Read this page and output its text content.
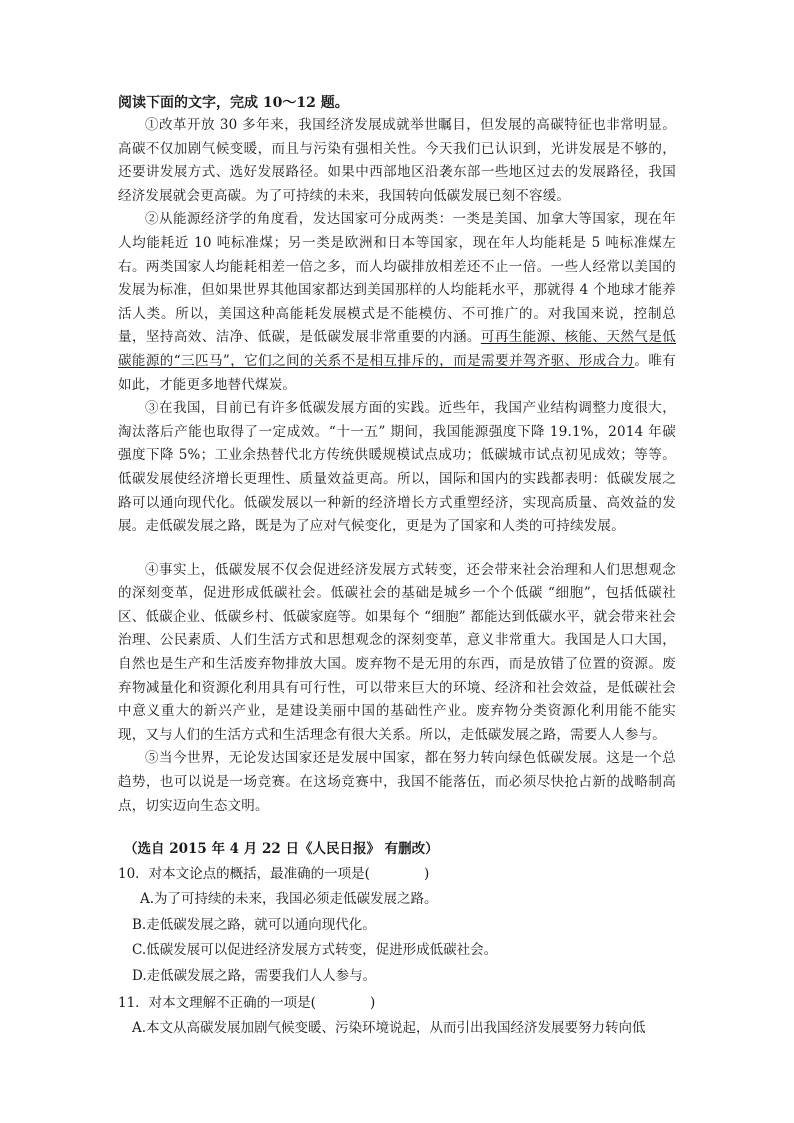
阅读下面的文字，完成 10～12 题。

①改革开放 30 多年来，我国经济发展成就举世瞩目，但发展的高碳特征也非常明显。高碳不仅加剧气候变暖，而且与污染有强相关性。今天我们已认识到，光讲发展是不够的，还要讲发展方式、选好发展路径。如果中西部地区沿袭东部一些地区过去的发展路径，我国经济发展就会更高碳。为了可持续的未来，我国转向低碳发展已刻不容缓。

②从能源经济学的角度看，发达国家可分成两类：一类是美国、加拿大等国家，现在年人均能耗近 10 吨标准煤；另一类是欧洲和日本等国家，现在年人均能耗是 5 吨标准煤左右。两类国家人均能耗相差一倍之多，而人均碳排放相差还不止一倍。一些人经常以美国的发展为标准，但如果世界其他国家都达到美国那样的人均能耗水平，那就得 4 个地球才能养活人类。所以，美国这种高能耗发展模式是不能模仿、不可推广的。对我国来说，控制总量，坚持高效、洁净、低碳，是低碳发展非常重要的内涵。可再生能源、核能、天然气是低碳能源的“三匹马”，它们之间的关系不是相互排斥的，而是需要并驾齐驱、形成合力。唯有如此，才能更多地替代煤炭。

③在我国，目前已有许多低碳发展方面的实践。近些年，我国产业结构调整力度很大，淘汰落后产能也取得了一定成效。“十一五” 期间，我国能源强度下降 19.1%，2014 年碳强度下降 5%；工业余热替代北方传统供暖规模试点成功；低碳城市试点初见成效；等等。低碳发展使经济增长更理性、质量效益更高。所以，国际和国内的实践都表明：低碳发展之路可以通向现代化。低碳发展以一种新的经济增长方式重塑经济，实现高质量、高效益的发展。走低碳发展之路，既是为了应对气候变化，更是为了国家和人类的可持续发展。

④事实上，低碳发展不仅会促进经济发展方式转变，还会带来社会治理和人们思想观念的深刻变革，促进形成低碳社会。低碳社会的基础是城乡一个个低碳 “细胞”，包括低碳社区、低碳企业、低碳乡村、低碳家庭等。如果每个 “细胞” 都能达到低碳水平，就会带来社会治理、公民素质、人们生活方式和思想观念的深刻变革，意义非常重大。我国是人口大国，自然也是生产和生活废弃物排放大国。废弃物不是无用的东西，而是放错了位置的资源。废弃物减量化和资源化利用具有可行性，可以带来巨大的环境、经济和社会效益，是低碳社会中意义重大的新兴产业，是建设美丽中国的基础性产业。废弃物分类资源化利用能不能实现，又与人们的生活方式和生活理念有很大关系。所以，走低碳发展之路，需要人人参与。

⑤当今世界，无论发达国家还是发展中国家，都在努力转向绿色低碳发展。这是一个总趋势，也可以说是一场竞赛。在这场竞赛中，我国不能落伍，而必须尽快抢占新的战略制高点，切实迈向生态文明。

（选自 2015 年 4 月 22 日《人民日报》 有删改）

10．对本文论点的概括，最准确的一项是(	)

A.为了可持续的未来，我国必须走低碳发展之路。

B.走低碳发展之路，就可以通向现代化。

C.低碳发展可以促进经济发展方式转变，促进形成低碳社会。

D.走低碳发展之路，需要我们人人参与。

11．对本文理解不正确的一项是(	)

A.本文从高碳发展加剧气候变暖、污染环境说起，从而引出我国经济发展要努力转向低
